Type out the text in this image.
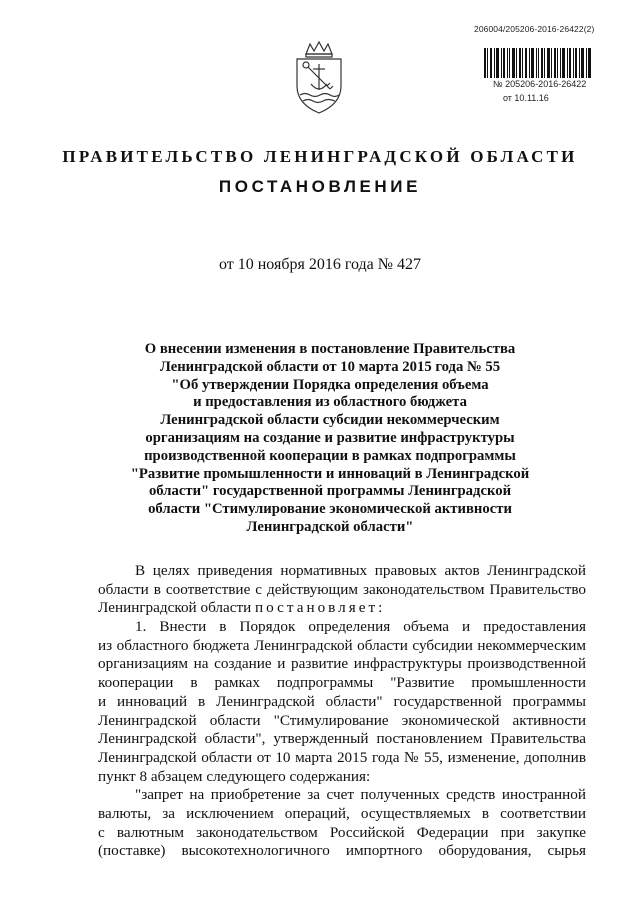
206004/205206-2016-26422(2)
№ 205206-2016-26422
от 10.11.16
ПРАВИТЕЛЬСТВО ЛЕНИНГРАДСКОЙ ОБЛАСТИ
ПОСТАНОВЛЕНИЕ
от 10 ноября 2016 года № 427
О внесении изменения в постановление Правительства
Ленинградской области от 10 марта 2015 года № 55
"Об утверждении Порядка определения объема
и предоставления из областного бюджета
Ленинградской области субсидии некоммерческим
организациям на создание и развитие инфраструктуры
производственной кооперации в рамках подпрограммы
"Развитие промышленности и инноваций в Ленинградской
области" государственной программы Ленинградской
области "Стимулирование экономической активности
Ленинградской области"
В целях приведения нормативных правовых актов Ленинградской
области в соответствие с действующим законодательством Правительство
Ленинградской области постановляет:
1. Внести в Порядок определения объема и предоставления
из областного бюджета Ленинградской области субсидии некоммерческим
организациям на создание и развитие инфраструктуры производственной
кооперации в рамках подпрограммы "Развитие промышленности
и инноваций в Ленинградской области" государственной программы
Ленинградской области "Стимулирование экономической активности
Ленинградской области", утвержденный постановлением Правительства
Ленинградской области от 10 марта 2015 года № 55, изменение, дополнив
пункт 8 абзацем следующего содержания:
"запрет на приобретение за счет полученных средств иностранной
валюты, за исключением операций, осуществляемых в соответствии
с валютным законодательством Российской Федерации при закупке
(поставке) высокотехнологичного импортного оборудования, сырья
